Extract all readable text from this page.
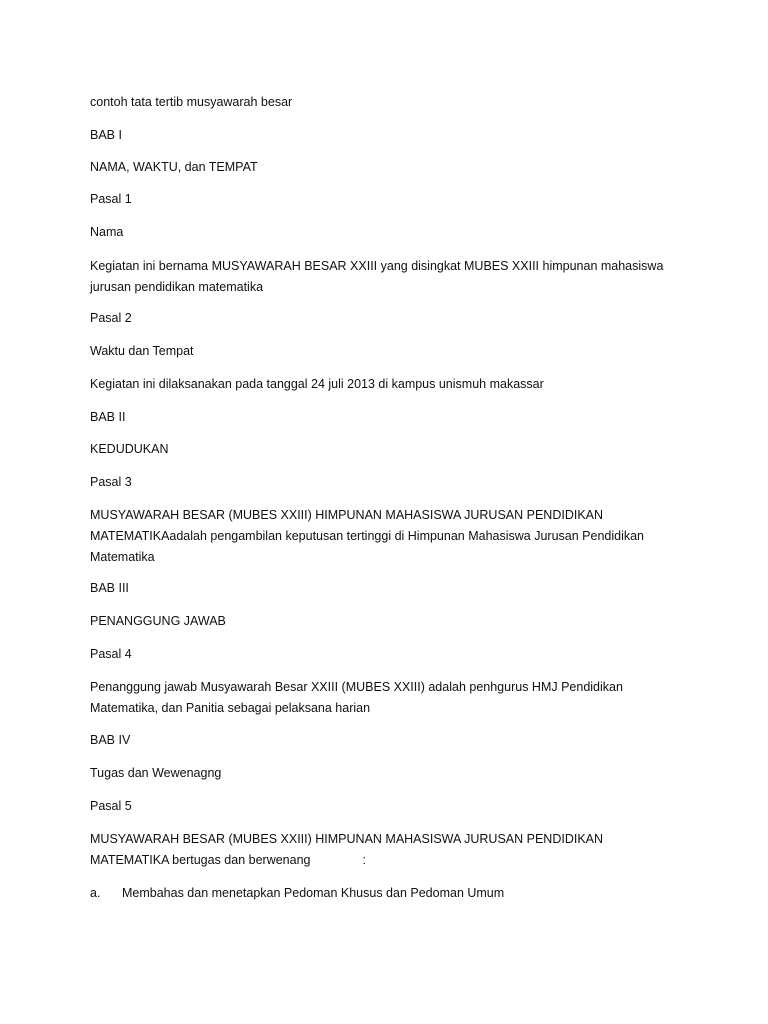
contoh tata tertib musyawarah besar

BAB I

NAMA, WAKTU, dan TEMPAT

Pasal 1

Nama

Kegiatan ini bernama MUSYAWARAH BESAR XXIII yang disingkat MUBES XXIII himpunan mahasiswa jurusan pendidikan matematika

Pasal 2

Waktu dan Tempat

Kegiatan ini dilaksanakan pada tanggal 24 juli 2013 di kampus unismuh makassar

BAB II

KEDUDUKAN

Pasal 3

MUSYAWARAH BESAR (MUBES XXIII) HIMPUNAN MAHASISWA JURUSAN PENDIDIKAN MATEMATIKAadalah pengambilan keputusan tertinggi di Himpunan Mahasiswa Jurusan Pendidikan Matematika

BAB III

PENANGGUNG JAWAB

Pasal 4

Penanggung jawab Musyawarah Besar XXIII (MUBES XXIII) adalah penhgurus HMJ Pendidikan Matematika, dan Panitia sebagai pelaksana harian

BAB IV

Tugas dan Wewenagng

Pasal 5

MUSYAWARAH BESAR (MUBES XXIII) HIMPUNAN MAHASISWA JURUSAN PENDIDIKAN MATEMATIKA bertugas dan berwenang	:

a. Membahas dan menetapkan Pedoman Khusus dan Pedoman Umum
